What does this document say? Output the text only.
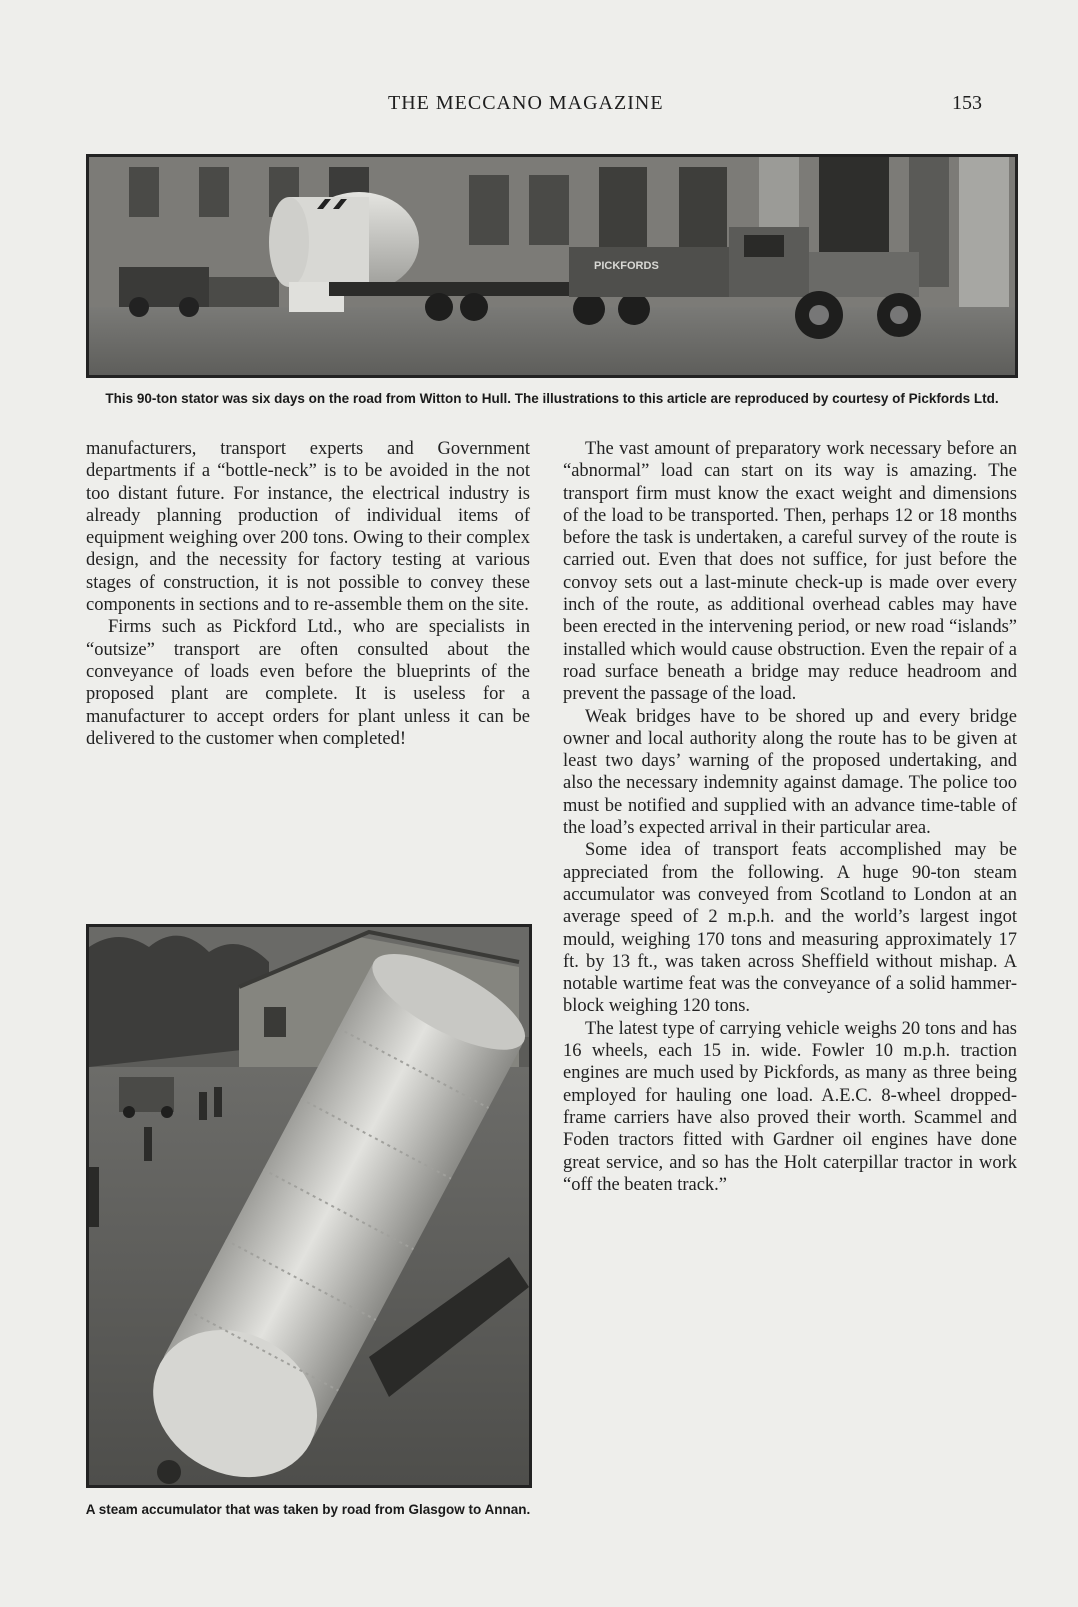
THE MECCANO MAGAZINE	153
PICKFORDS
This 90-ton stator was six days on the road from Witton to Hull. The illustrations to this article are reproduced by courtesy of Pickfords Ltd.

manufacturers, transport experts and Government departments if a “bottle-neck” is to be avoided in the not too distant future. For instance, the electrical industry is already planning production of individual items of equipment weighing over 200 tons. Owing to their complex design, and the necessity for factory testing at various stages of construction, it is not possible to convey these components in sections and to re-assemble them on the site.

Firms such as Pickford Ltd., who are specialists in “outsize” transport are often consulted about the conveyance of loads even before the blueprints of the proposed plant are complete. It is useless for a manufacturer to accept orders for plant unless it can be delivered to the customer when completed!

The vast amount of preparatory work necessary before an “abnormal” load can start on its way is amazing. The transport firm must know the exact weight and dimensions of the load to be transported. Then, perhaps 12 or 18 months before the task is undertaken, a careful survey of the route is carried out. Even that does not suffice, for just before the convoy sets out a last-minute check-up is made over every inch of the route, as additional overhead cables may have been erected in the intervening period, or new road “islands” installed which would cause obstruction. Even the repair of a road surface beneath a bridge may reduce headroom and prevent the passage of the load.

Weak bridges have to be shored up and every bridge owner and local authority along the route has to be given at least two days’ warning of the proposed undertaking, and also the necessary indemnity against damage. The police too must be notified and supplied with an advance time-table of the load’s expected arrival in their particular area.

Some idea of transport feats accomplished may be appreciated from the following. A huge 90-ton steam accumulator was conveyed from Scotland to London at an average speed of 2 m.p.h. and the world’s largest ingot mould, weighing 170 tons and measuring approximately 17 ft. by 13 ft., was taken across Sheffield without mishap. A notable wartime feat was the conveyance of a solid hammer-block weighing 120 tons.

The latest type of carrying vehicle weighs 20 tons and has 16 wheels, each 15 in. wide. Fowler 10 m.p.h. traction engines are much used by Pickfords, as many as three being employed for hauling one load. A.E.C. 8-wheel dropped-frame carriers have also proved their worth. Scammel and Foden tractors fitted with Gardner oil engines have done great service, and so has the Holt caterpillar tractor in work “off the beaten track.”

A steam accumulator that was taken by road from Glasgow to Annan.
